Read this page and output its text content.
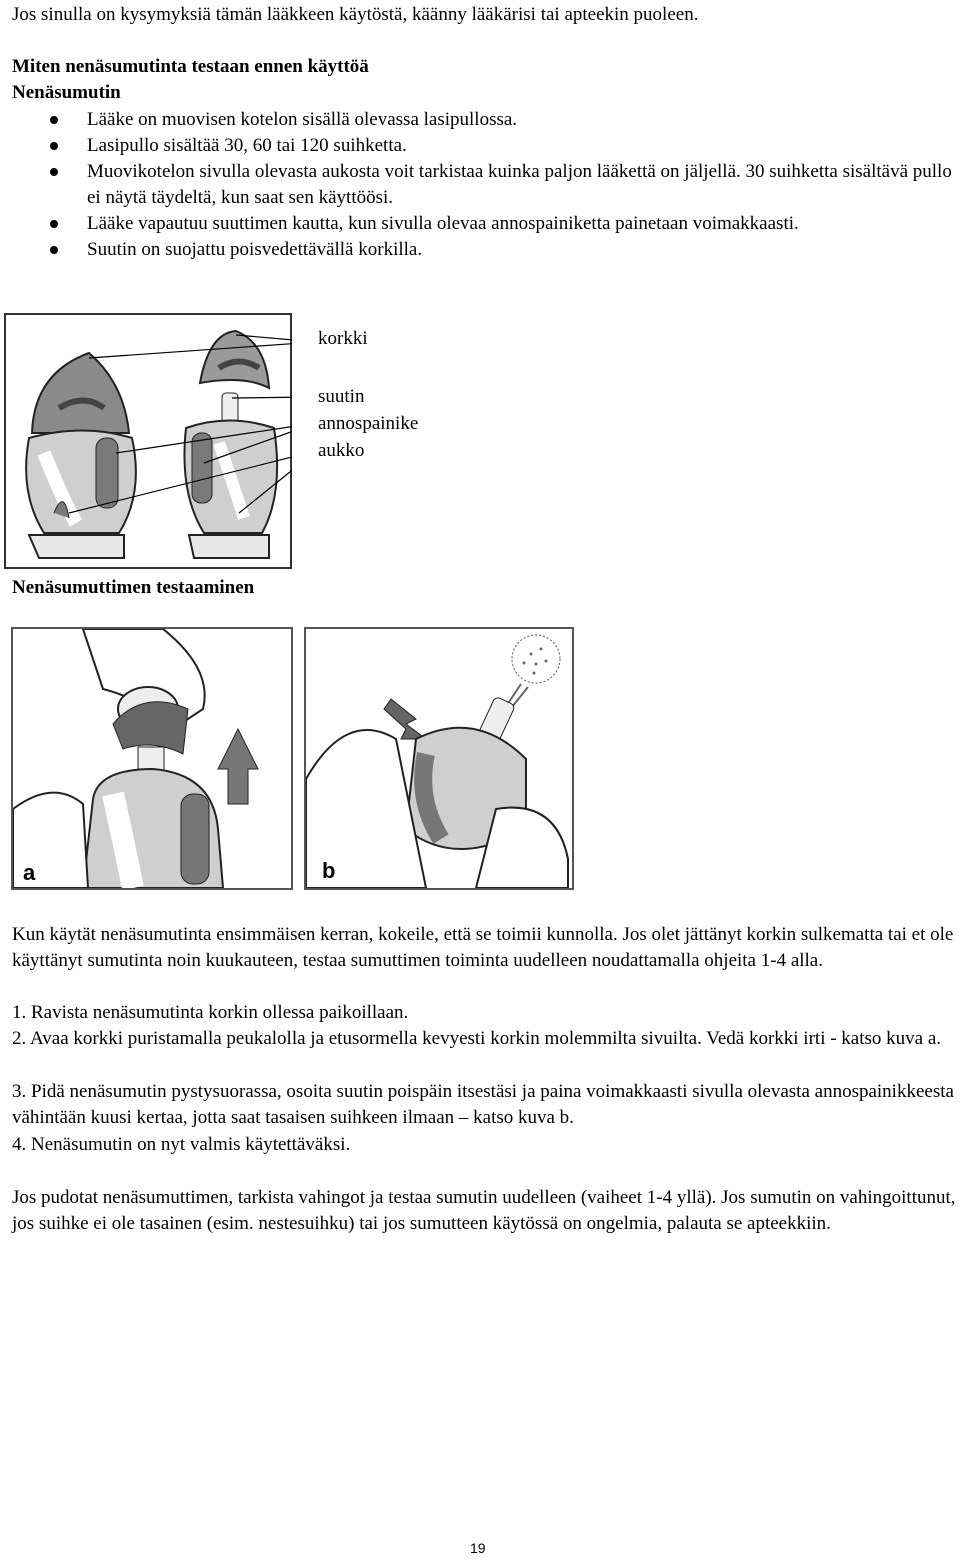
Jos sinulla on kysymyksiä tämän lääkkeen käytöstä, käänny lääkärisi tai apteekin puoleen.
Miten nenäsumutinta testaan ennen käyttöä
Nenäsumutin
Lääke on muovisen kotelon sisällä olevassa lasipullossa.
Lasipullo sisältää 30, 60 tai 120 suihketta.
Muovikotelon sivulla olevasta aukosta voit tarkistaa kuinka paljon lääkettä on jäljellä. 30 suihketta sisältävä pullo ei näytä täydeltä, kun saat sen käyttöösi.
Lääke vapautuu suuttimen kautta, kun sivulla olevaa annospainiketta painetaan voimakkaasti.
Suutin on suojattu poisvedettävällä korkilla.
korkki
suutin
annospainike
aukko
Nenäsumuttimen testaaminen
a	b
Kun käytät nenäsumutinta ensimmäisen kerran, kokeile, että se toimii kunnolla. Jos olet jättänyt korkin sulkematta tai et ole käyttänyt sumutinta noin kuukauteen, testaa sumuttimen toiminta uudelleen noudattamalla ohjeita 1-4 alla.
1. Ravista nenäsumutinta korkin ollessa paikoillaan.
2. Avaa korkki puristamalla peukalolla ja etusormella kevyesti korkin molemmilta sivuilta. Vedä korkki irti - katso kuva a.
3. Pidä nenäsumutin pystysuorassa, osoita suutin poispäin itsestäsi ja paina voimakkaasti sivulla olevasta annospainikkeesta vähintään kuusi kertaa, jotta saat tasaisen suihkeen ilmaan – katso kuva b.
4. Nenäsumutin on nyt valmis käytettäväksi.
Jos pudotat nenäsumuttimen, tarkista vahingot ja testaa sumutin uudelleen (vaiheet 1-4 yllä). Jos sumutin on vahingoittunut, jos suihke ei ole tasainen (esim. nestesuihku) tai jos sumutteen käytössä on ongelmia, palauta se apteekkiin.
19
